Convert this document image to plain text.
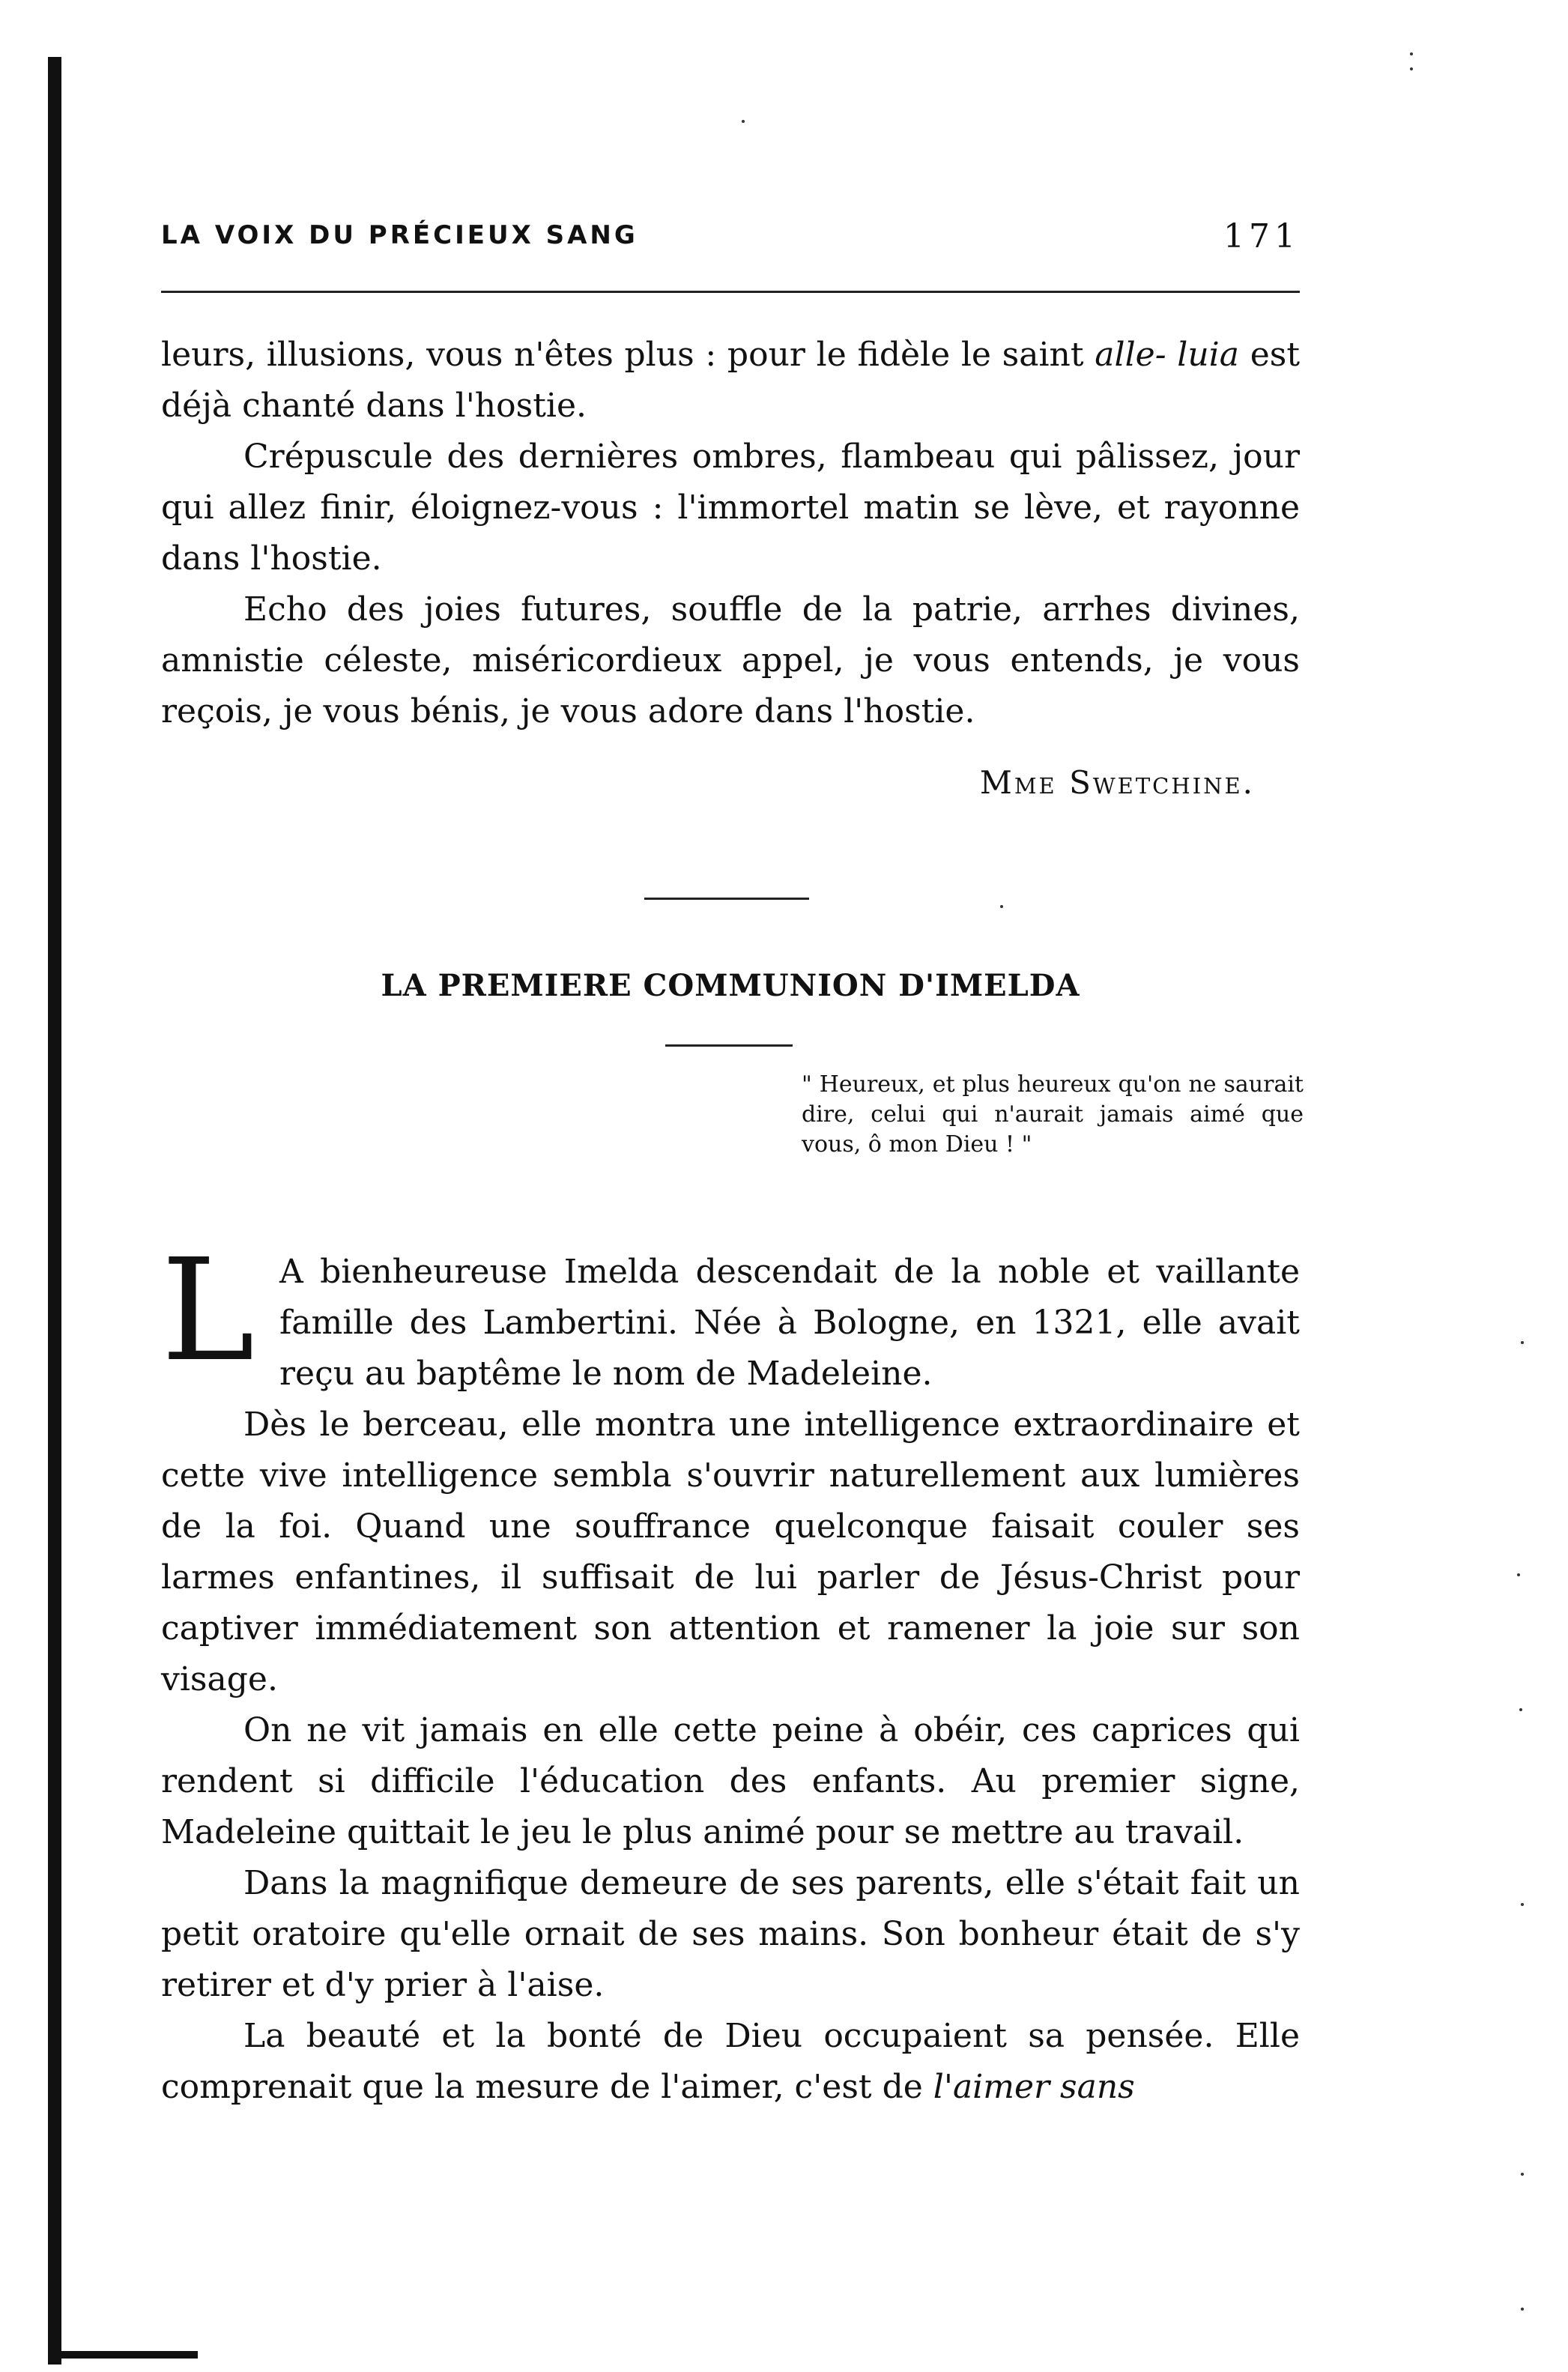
LA VOIX DU PRÉCIEUX SANG	171

leurs, illusions, vous n'êtes plus : pour le fidèle le saint alle- luia est déjà chanté dans l'hostie.

Crépuscule des dernières ombres, flambeau qui pâlissez, jour qui allez finir, éloignez-vous : l'immortel matin se lève, et rayonne dans l'hostie.

Echo des joies futures, souffle de la patrie, arrhes divines, amnistie céleste, miséricordieux appel, je vous entends, je vous reçois, je vous bénis, je vous adore dans l'hostie.

Mme Swetchine.
LA PREMIERE COMMUNION D'IMELDA

" Heureux, et plus heureux qu'on ne saurait dire, celui qui n'aurait jamais aimé que vous, ô mon Dieu ! "

L A bienheureuse Imelda descendait de la noble et vaillante famille des Lambertini. Née à Bologne, en 1321, elle avait reçu au baptême le nom de Madeleine.

Dès le berceau, elle montra une intelligence extraordinaire et cette vive intelligence sembla s'ouvrir naturellement aux lumières de la foi. Quand une souffrance quelconque faisait couler ses larmes enfantines, il suffisait de lui parler de Jésus-Christ pour captiver immédiatement son attention et ramener la joie sur son visage.

On ne vit jamais en elle cette peine à obéir, ces caprices qui rendent si difficile l'éducation des enfants. Au premier signe, Madeleine quittait le jeu le plus animé pour se mettre au travail.

Dans la magnifique demeure de ses parents, elle s'était fait un petit oratoire qu'elle ornait de ses mains. Son bonheur était de s'y retirer et d'y prier à l'aise.

La beauté et la bonté de Dieu occupaient sa pensée. Elle comprenait que la mesure de l'aimer, c'est de l'aimer sans
